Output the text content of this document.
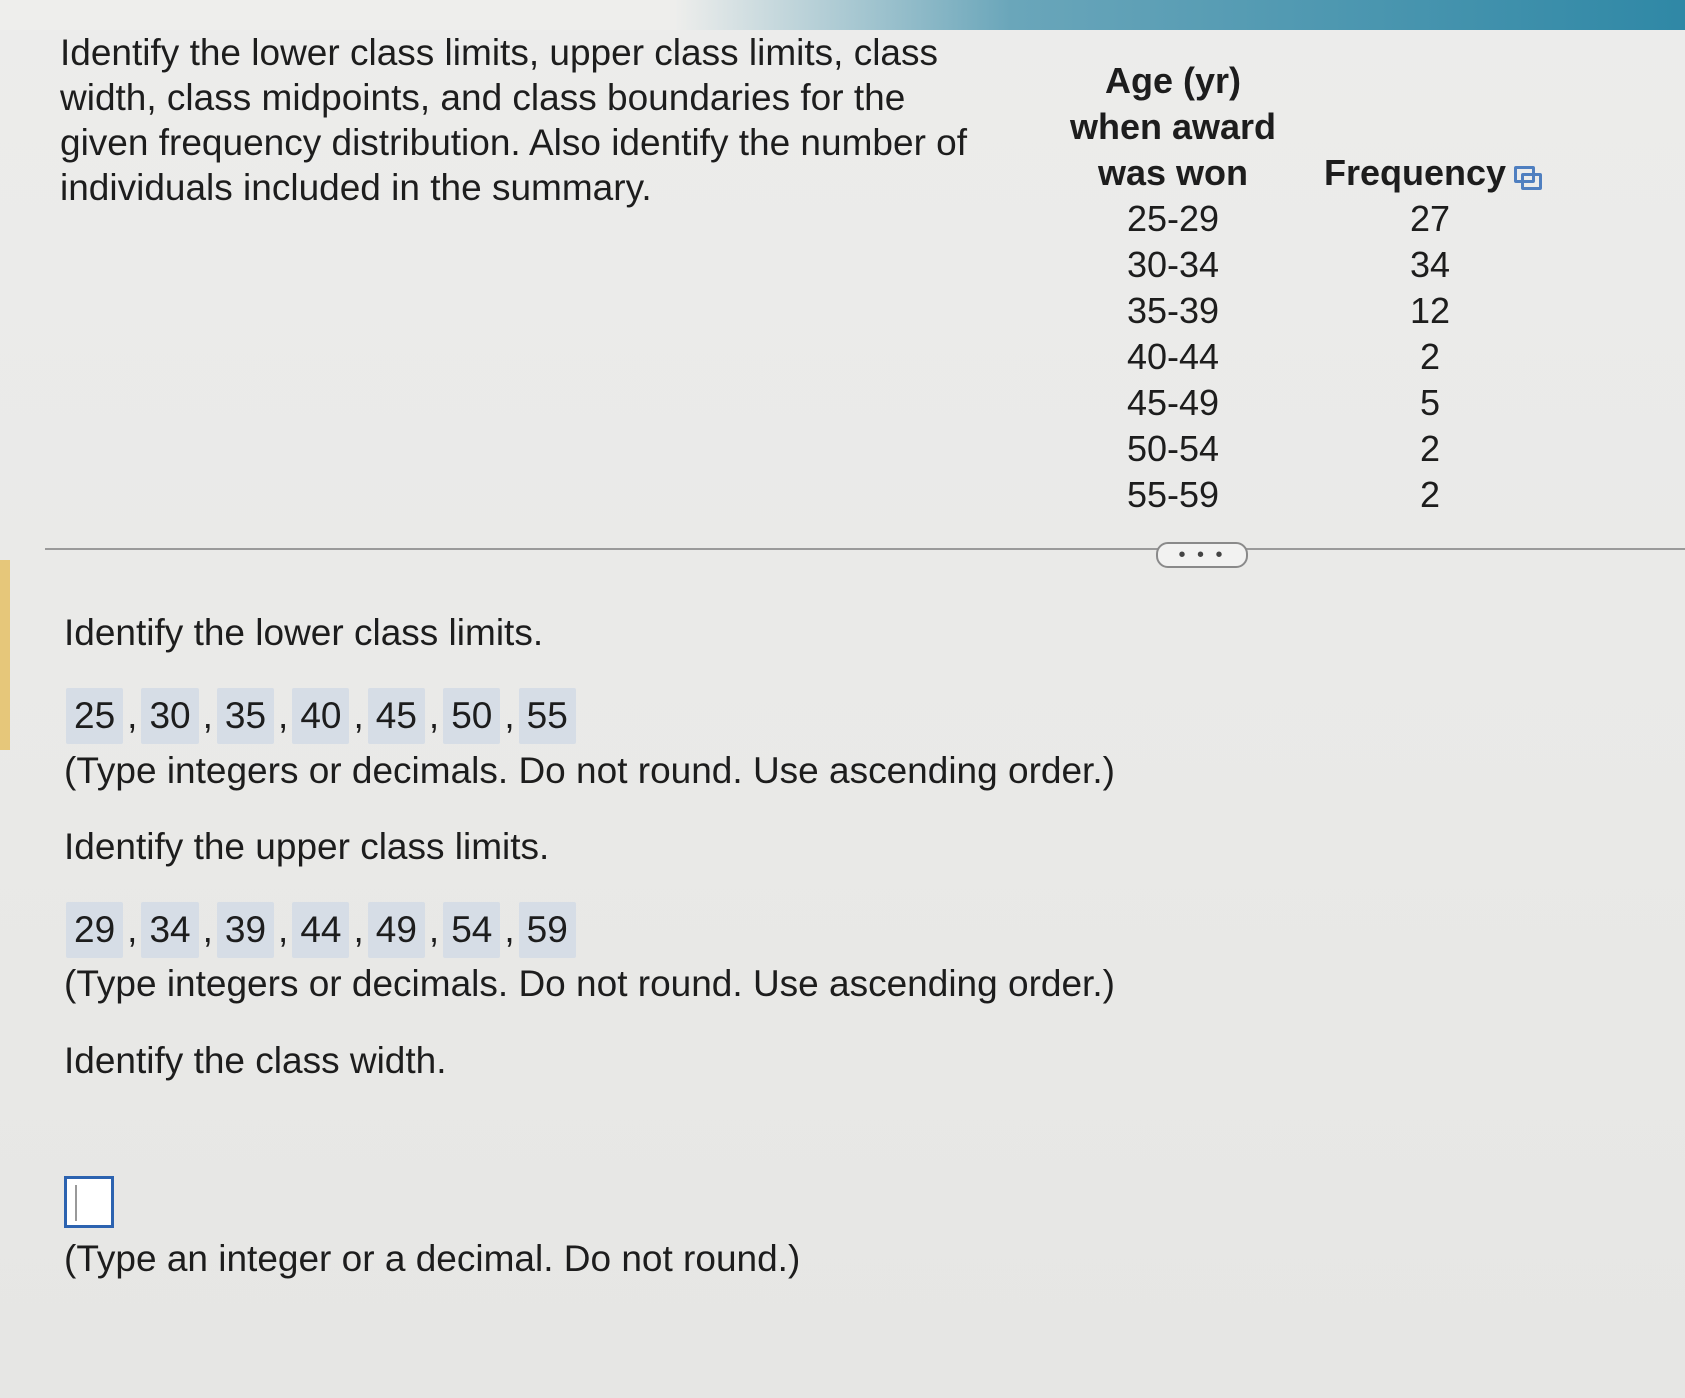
Identify the lower class limits, upper class limits, class width, class midpoints, and class boundaries for the given frequency distribution. Also identify the number of individuals included in the summary.
Age (yr) when award was won	Frequency
25-29	27
30-34	34
35-39	12
40-44	2
45-49	5
50-54	2
55-59	2
• • •
Identify the lower class limits.
25 , 30 , 35 , 40 , 45 , 50 , 55
(Type integers or decimals. Do not round. Use ascending order.)
Identify the upper class limits.
29 , 34 , 39 , 44 , 49 , 54 , 59
(Type integers or decimals. Do not round. Use ascending order.)
Identify the class width.
(Type an integer or a decimal. Do not round.)
